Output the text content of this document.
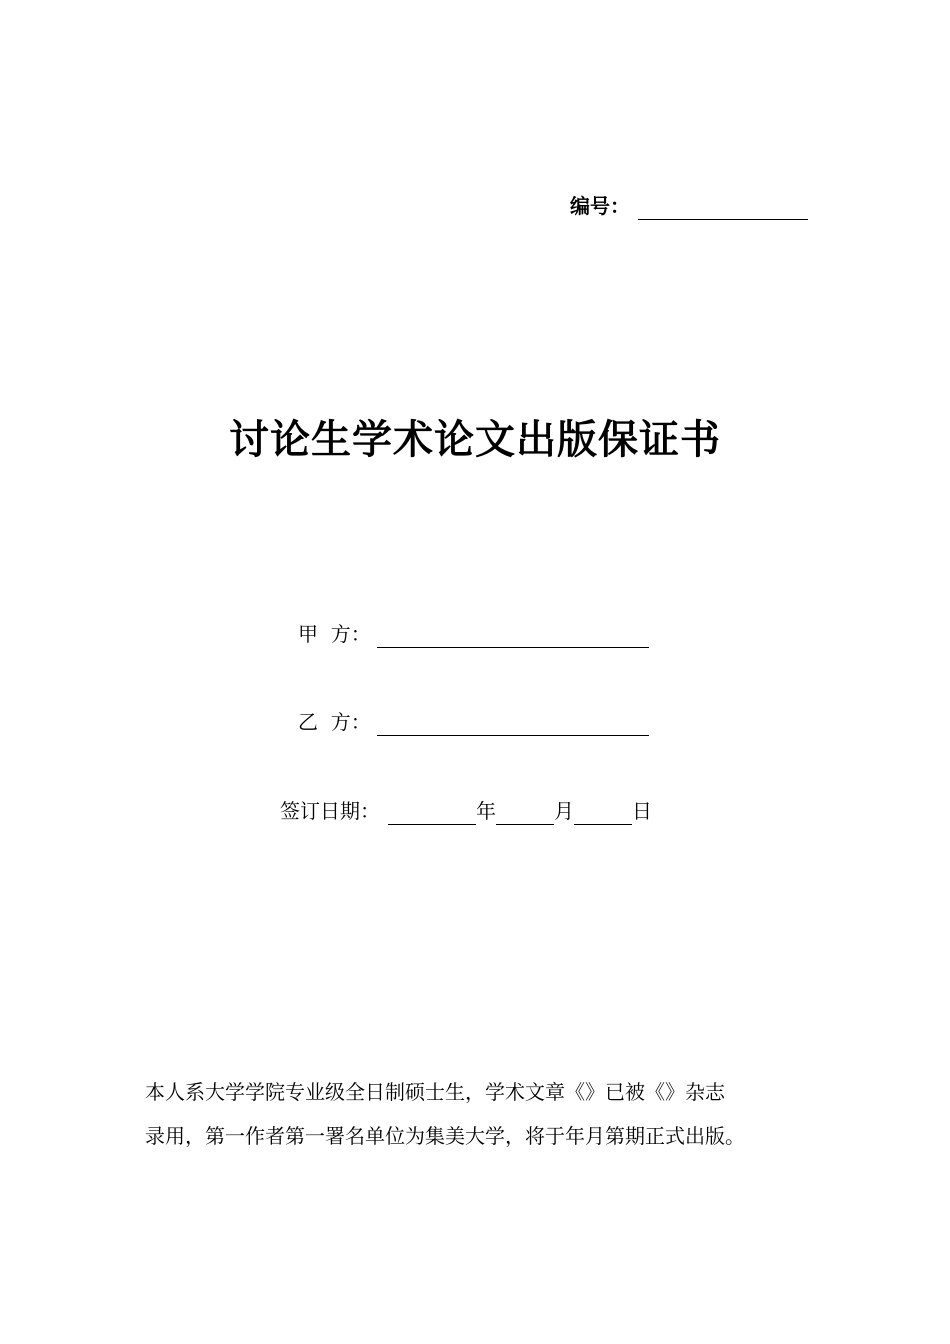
编号：
讨论生学术论文出版保证书
甲  方：
乙  方：
签订日期：	年	月	日

本人系大学学院专业级全日制硕士生，学术文章《》已被《》杂志

录用，第一作者第一署名单位为集美大学，将于年月第期正式出版。
